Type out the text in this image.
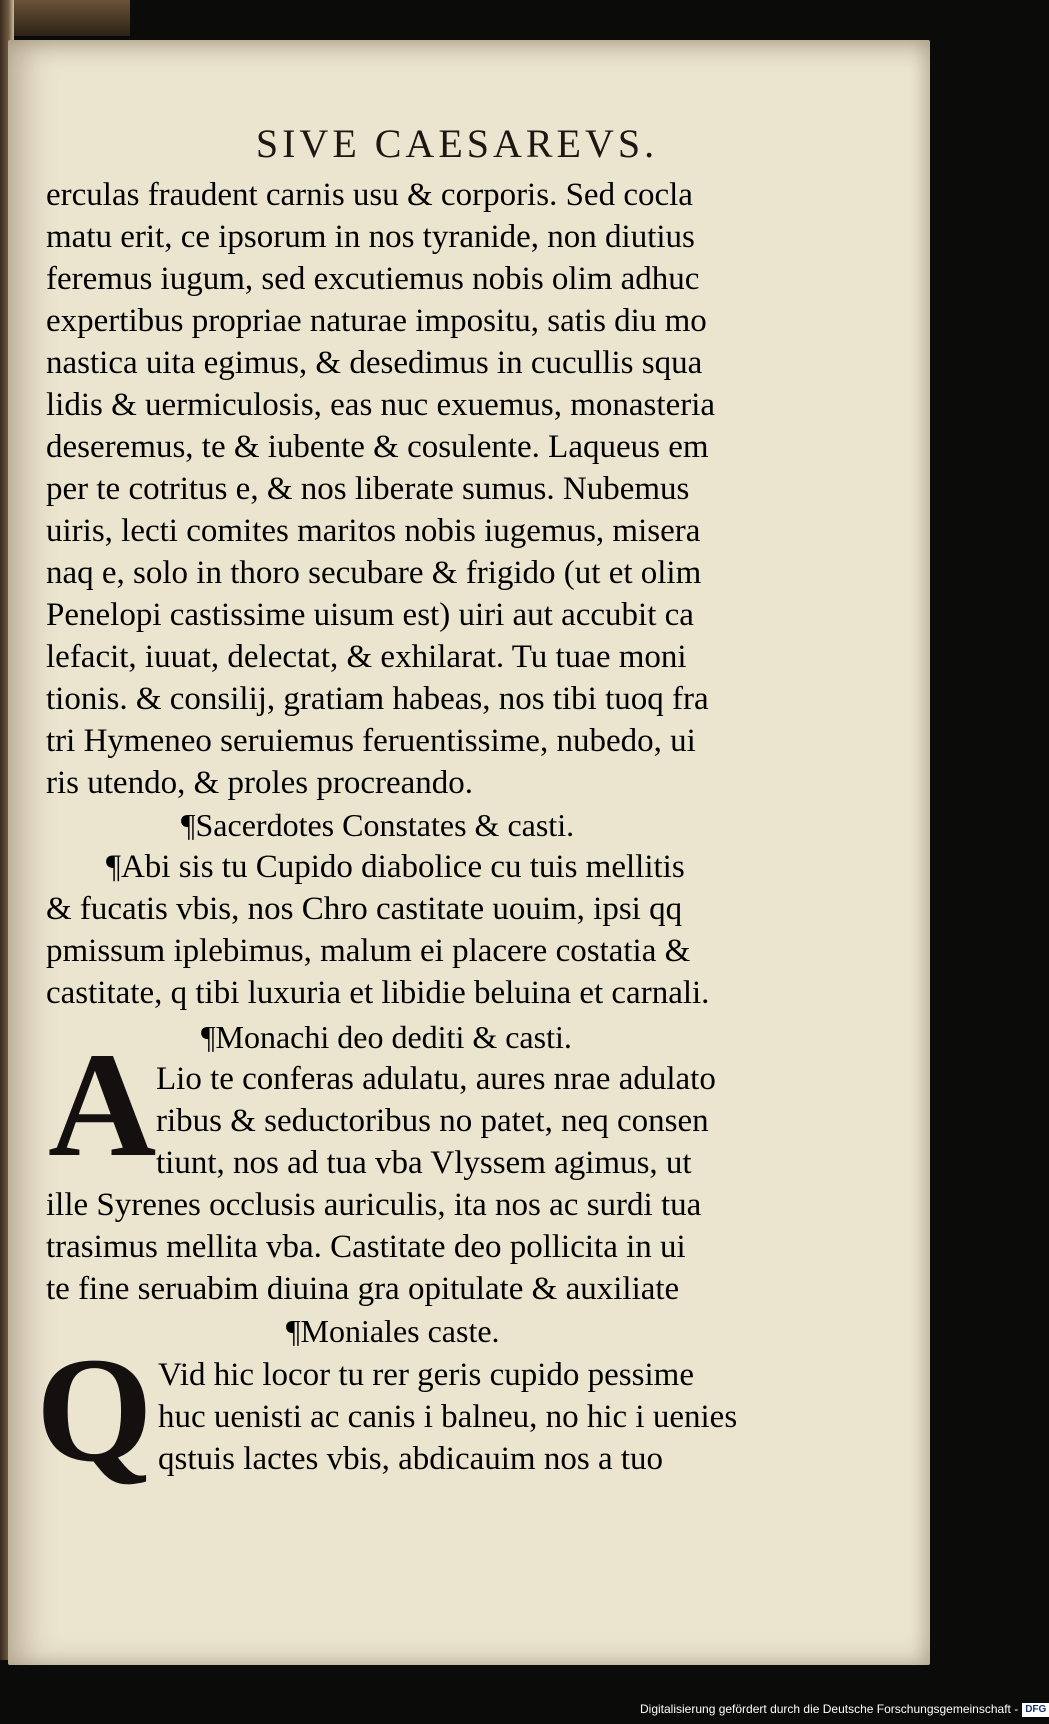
SIVE CAESAREVS.
erculas fraudent carnis usu & corporis. Sed cocla
matu erit, ce ipsorum in nos tyranide, non diutius
feremus iugum, sed excutiemus nobis olim adhuc
expertibus propriae naturae impositu, satis diu mo
nastica uita egimus, & desedimus in cucullis squa
lidis & uermiculosis, eas nuc exuemus, monasteria
deseremus, te & iubente & cosulente. Laqueus em
per te cotritus e, & nos liberate sumus. Nubemus
uiris, lecti comites maritos nobis iugemus, misera
naq e, solo in thoro secubare & frigido (ut et olim
Penelopi castissime uisum est) uiri aut accubit ca
lefacit, iuuat, delectat, & exhilarat. Tu tuae moni
tionis. & consilij, gratiam habeas, nos tibi tuoq fra
tri Hymeneo seruiemus feruentissime, nubedo, ui
ris utendo, & proles procreando.
¶Sacerdotes Constates & casti.
¶Abi sis tu Cupido diabolice cu tuis mellitis
& fucatis vbis, nos Chro castitate uouim, ipsi qq
pmissum iplebimus, malum ei placere costatia &
castitate, q tibi luxuria et libidie beluina et carnali.
¶Monachi deo dediti & casti.
A Lio te conferas adulatu, aures nrae adulato
ribus & seductoribus no patet, neq consen
tiunt, nos ad tua vba Vlyssem agimus, ut
ille Syrenes occlusis auriculis, ita nos ac surdi tua
trasimus mellita vba. Castitate deo pollicita in ui
te fine seruabim diuina gra opitulate & auxiliate
¶Moniales caste.
Q Vid hic locor tu rer geris cupido pessime
huc uenisti ac canis i balneu, no hic i uenies
qstuis lactes vbis, abdicauim nos a tuo
Digitalisierung gefördert durch die Deutsche Forschungsgemeinschaft - DFG
